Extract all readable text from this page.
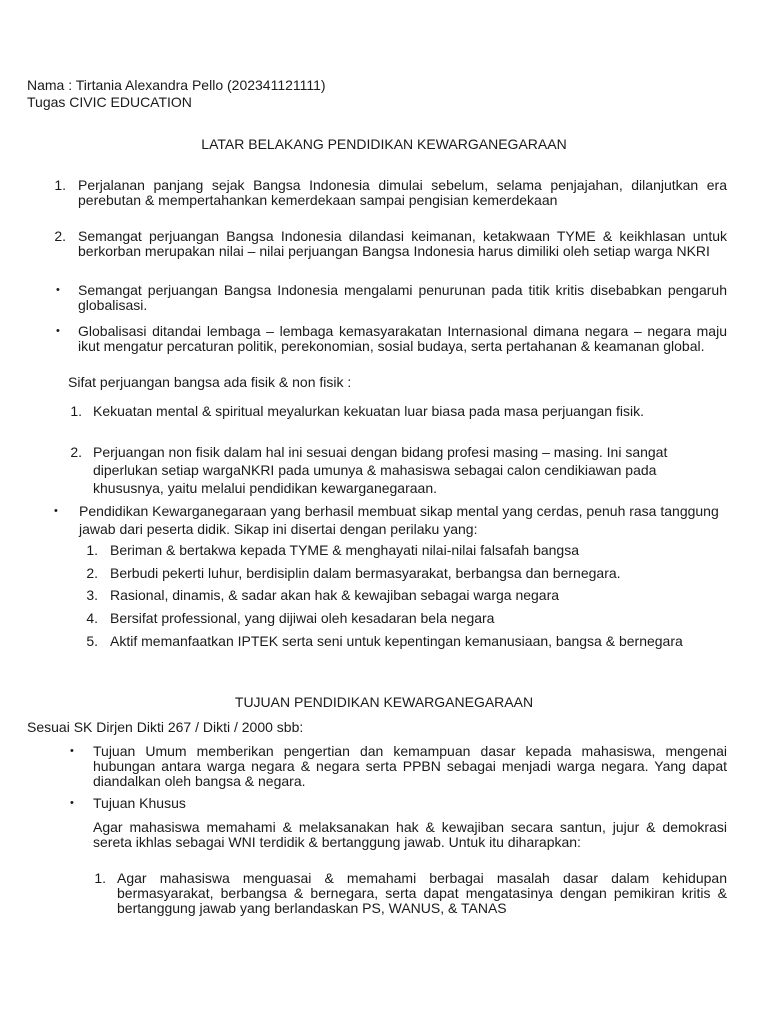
Nama : Tirtania Alexandra Pello (202341121111)
Tugas CIVIC EDUCATION
LATAR BELAKANG PENDIDIKAN KEWARGANEGARAAN
1. Perjalanan panjang sejak Bangsa Indonesia dimulai sebelum, selama penjajahan, dilanjutkan era perebutan & mempertahankan kemerdekaan sampai pengisian kemerdekaan
2. Semangat perjuangan Bangsa Indonesia dilandasi keimanan, ketakwaan TYME & keikhlasan untuk berkorban merupakan nilai – nilai perjuangan Bangsa Indonesia harus dimiliki oleh setiap warga NKRI
• Semangat perjuangan Bangsa Indonesia mengalami penurunan pada titik kritis disebabkan pengaruh globalisasi.
• Globalisasi ditandai lembaga – lembaga kemasyarakatan Internasional dimana negara – negara maju ikut mengatur percaturan politik, perekonomian, sosial budaya, serta pertahanan & keamanan global.
Sifat perjuangan bangsa ada fisik & non fisik :
1. Kekuatan mental & spiritual meyalurkan kekuatan luar biasa pada masa perjuangan fisik.
2. Perjuangan non fisik dalam hal ini sesuai dengan bidang profesi masing – masing. Ini sangat diperlukan setiap wargaNKRI pada umunya & mahasiswa sebagai calon cendikiawan pada khususnya, yaitu melalui pendidikan kewarganegaraan.
• Pendidikan Kewarganegaraan yang berhasil membuat sikap mental yang cerdas, penuh rasa tanggung jawab dari peserta didik. Sikap ini disertai dengan perilaku yang:
1. Beriman & bertakwa kepada TYME & menghayati nilai-nilai falsafah bangsa
2. Berbudi pekerti luhur, berdisiplin dalam bermasyarakat, berbangsa dan bernegara.
3. Rasional, dinamis, & sadar akan hak & kewajiban sebagai warga negara
4. Bersifat professional, yang dijiwai oleh kesadaran bela negara
5. Aktif memanfaatkan IPTEK serta seni untuk kepentingan kemanusiaan, bangsa & bernegara
TUJUAN PENDIDIKAN KEWARGANEGARAAN
Sesuai SK Dirjen Dikti 267 / Dikti / 2000 sbb:
• Tujuan Umum memberikan pengertian dan kemampuan dasar kepada mahasiswa, mengenai hubungan antara warga negara & negara serta PPBN sebagai menjadi warga negara. Yang dapat diandalkan oleh bangsa & negara.
• Tujuan Khusus
Agar mahasiswa memahami & melaksanakan hak & kewajiban secara santun, jujur & demokrasi sereta ikhlas sebagai WNI terdidik & bertanggung jawab. Untuk itu diharapkan:
1. Agar mahasiswa menguasai & memahami berbagai masalah dasar dalam kehidupan bermasyarakat, berbangsa & bernegara, serta dapat mengatasinya dengan pemikiran kritis & bertanggung jawab yang berlandaskan PS, WANUS, & TANAS
